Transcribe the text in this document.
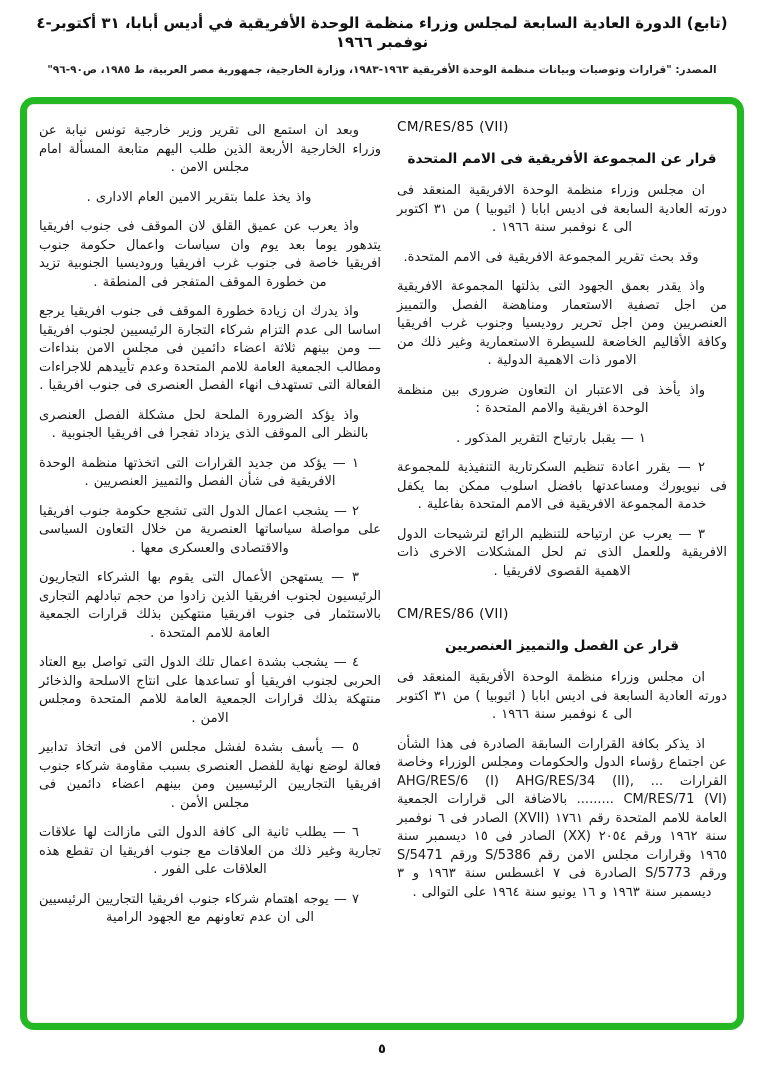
(تابع) الدورة العادية السابعة لمجلس وزراء منظمة الوحدة الأفريقية في أديس أبابا، ٣١ أكتوبر-٤ نوفمبر ١٩٦٦
المصدر: "قرارات وتوصيات وبيانات منظمة الوحدة الأفريقية ١٩٦٣-١٩٨٣، وزارة الخارجية، جمهورية مصر العربية، ط ١٩٨٥، ص٩٠-٩٦"
CM/RES/85 (VII)
قرار عن المجموعة الأفريقية فى الامم المتحدة

ان مجلس وزراء منظمة الوحدة الافريقية المنعقد فى دورته العادية السابعة فى اديس ابابا ( اثيوبيا ) من ٣١ اكتوبر الى ٤ نوفمبر سنة ١٩٦٦ .

وقد بحث تقرير المجموعة الافريقية فى الامم المتحدة.

واذ يقدر بعمق الجهود التى بذلتها المجموعة الافريقية من اجل تصفية الاستعمار ومناهضة الفصل والتمييز العنصريين ومن اجل تحرير روديسيا وجنوب غرب افريقيا وكافة الأقاليم الخاضعة للسيطرة الاستعمارية وغير ذلك من الامور ذات الاهمية الدولية .

واذ يأخذ فى الاعتبار ان التعاون ضرورى بين منظمة الوحدة افريقية والامم المتحدة :

١ — يقبل بارتياح التقرير المذكور .

٢ — يقرر اعادة تنظيم السكرتارية التنفيذية للمجموعة فى نيويورك ومساعدتها بافضل اسلوب ممكن بما يكفل خدمة المجموعة الافريقية فى الامم المتحدة بفاعلية .

٣ — يعرب عن ارتياحه للتنظيم الرائع لترشيحات الدول الافريقية وللعمل الذى تم لحل المشكلات الاخرى ذات الاهمية القصوى لافريقيا .

CM/RES/86 (VII)
قرار عن الفصل والتمييز العنصريين

ان مجلس وزراء منظمة الوحدة الأفريقية المنعقد فى دورته العادية السابعة فى اديس ابابا ( اثيوبيا ) من ٣١ اكتوبر الى ٤ نوفمبر سنة ١٩٦٦ .

اذ يذكر بكافة القرارات السابقة الصادرة فى هذا الشأن عن اجتماع رؤساء الدول والحكومات ومجلس الوزراء وخاصة القرارات ... AHG/RES/6 (I) AHG/RES/34 (II), CM/RES/71 (VI) ......... بالاضافة الى قرارات الجمعية العامة للامم المتحدة رقم ١٧٦١ (XVII) الصادر فى ٦ نوفمبر سنة ١٩٦٢ ورقم ٢٠٥٤ (XX) الصادر فى ١٥ ديسمبر سنة ١٩٦٥ وقرارات مجلس الامن رقم S/5386 ورقم S/5471 ورقم S/5773 الصادرة فى ٧ اغسطس سنة ١٩٦٣ و ٣ ديسمبر سنة ١٩٦٣ و ١٦ يونيو سنة ١٩٦٤ على التوالى .

وبعد ان استمع الى تقرير وزير خارجية تونس نيابة عن وزراء الخارجية الأربعة الذين طلب اليهم متابعة المسألة امام مجلس الامن .

واذ يخذ علما بتقرير الامين العام الادارى .

واذ يعرب عن عميق القلق لان الموقف فى جنوب افريقيا يتدهور يوما بعد يوم وان سياسات واعمال حكومة جنوب افريقيا خاصة فى جنوب غرب افريقيا وروديسيا الجنوبية تزيد من خطورة الموقف المتفجر فى المنطقة .

واذ يدرك ان زيادة خطورة الموقف فى جنوب افريقيا يرجع اساسا الى عدم التزام شركاء التجارة الرئيسيين لجنوب افريقيا — ومن بينهم ثلاثة اعضاء دائمين فى مجلس الامن بنداءات ومطالب الجمعية العامة للامم المتحدة وعدم تأييدهم للاجراءات الفعالة التى تستهدف انهاء الفصل العنصرى فى جنوب افريقيا .

واذ يؤكد الضرورة الملحة لحل مشكلة الفصل العنصرى بالنظر الى الموقف الذى يزداد تفجرا فى افريقيا الجنوبية .

١ — يؤكد من جديد القرارات التى اتخذتها منظمة الوحدة الافريقية فى شأن الفصل والتمييز العنصريين .

٢ — يشجب اعمال الدول التى تشجع حكومة جنوب افريقيا على مواصلة سياساتها العنصرية من خلال التعاون السياسى والاقتصادى والعسكرى معها .

٣ — يستهجن الأعمال التى يقوم بها الشركاء التجاريون الرئيسيون لجنوب افريقيا الذين زادوا من حجم تبادلهم التجارى بالاستثمار فى جنوب افريقيا منتهكين بذلك قرارات الجمعية العامة للامم المتحدة .

٤ — يشجب بشدة اعمال تلك الدول التى تواصل بيع العتاد الحربى لجنوب افريقيا أو تساعدها على انتاج الاسلحة والذخائر منتهكة بذلك قرارات الجمعية العامة للامم المتحدة ومجلس الامن .

٥ — يأسف بشدة لفشل مجلس الامن فى اتخاذ تدابير فعالة لوضع نهاية للفصل العنصرى بسبب مقاومة شركاء جنوب افريقيا التجاريين الرئيسيين ومن بينهم اعضاء دائمين فى مجلس الأمن .

٦ — يطلب ثانية الى كافة الدول التى مازالت لها علاقات تجارية وغير ذلك من العلاقات مع جنوب افريقيا ان تقطع هذه العلاقات على الفور .

٧ — يوجه اهتمام شركاء جنوب افريقيا التجاريين الرئيسيين الى ان عدم تعاونهم مع الجهود الرامية

٥
